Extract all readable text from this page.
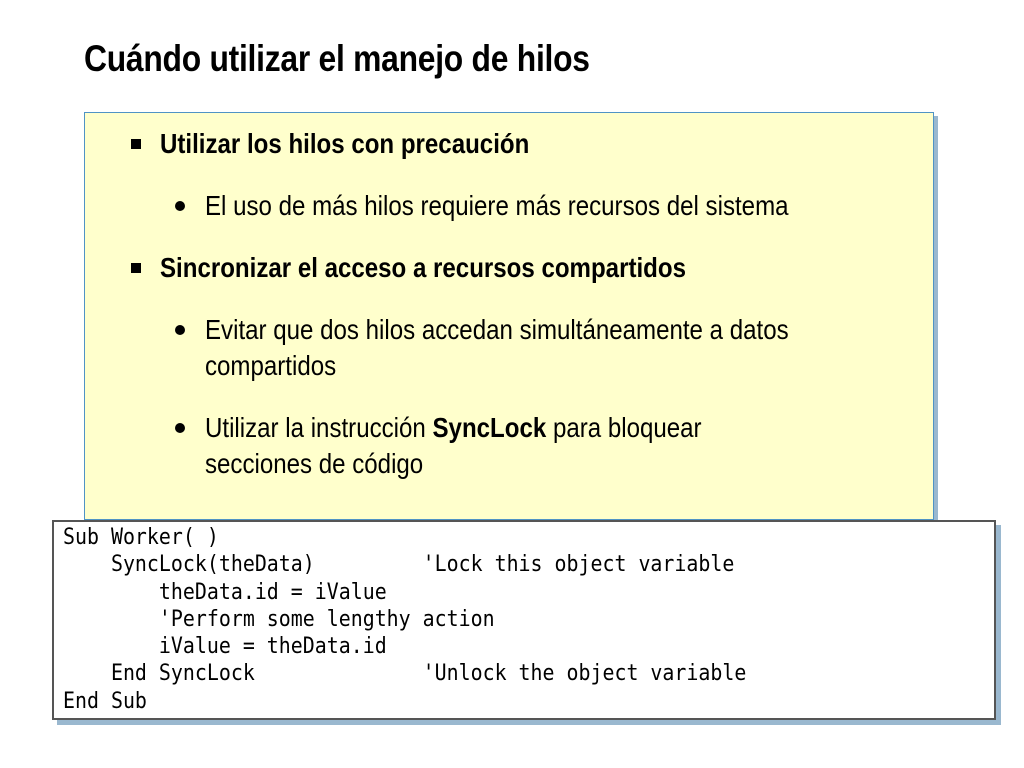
Cuándo utilizar el manejo de hilos
Utilizar los hilos con precaución
El uso de más hilos requiere más recursos del sistema
Sincronizar el acceso a recursos compartidos
Evitar que dos hilos accedan simultáneamente a datos
compartidos
Utilizar la instrucción SyncLock para bloquear
secciones de código
Sub Worker( )
SyncLock(theData)         'Lock this object variable
theData.id = iValue
'Perform some lengthy action
iValue = theData.id
End SyncLock              'Unlock the object variable
End Sub
